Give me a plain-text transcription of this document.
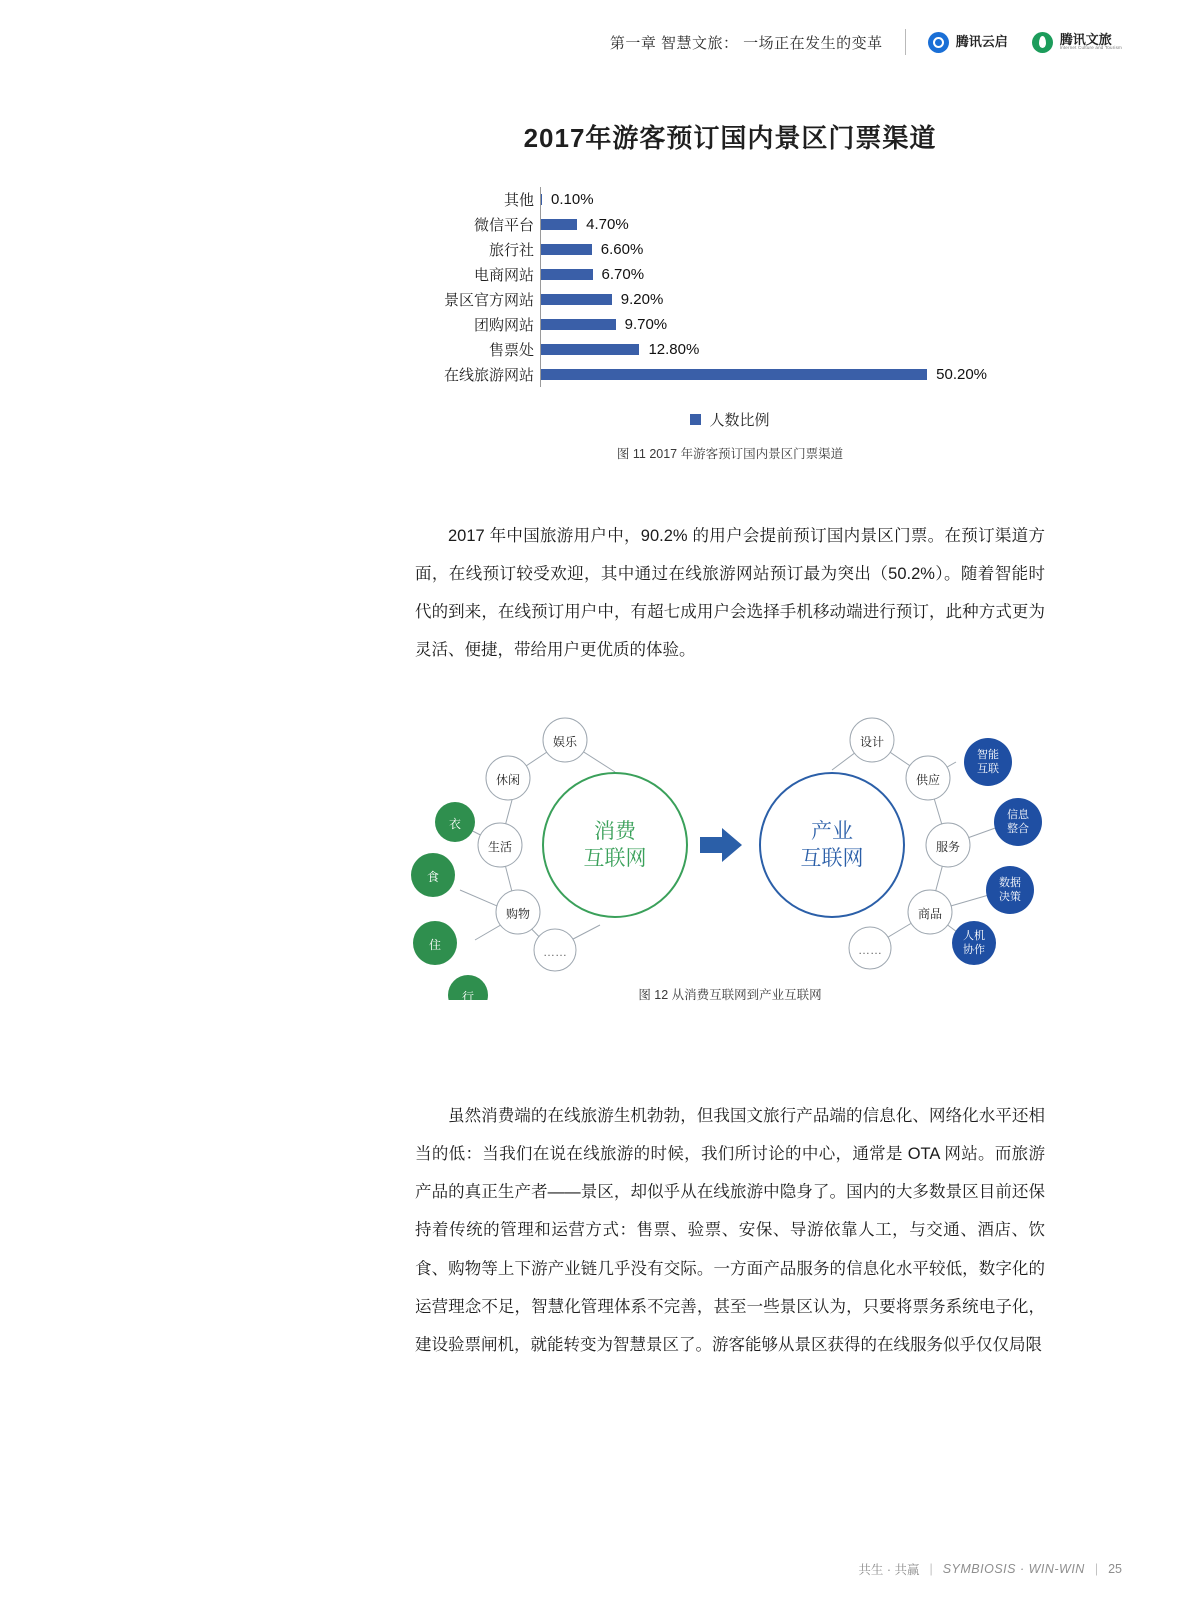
第一章 智慧文旅： 一场正在发生的变革	腾讯云启	腾讯文旅
Internet Culture and Tourism
2017年游客预订国内景区门票渠道
其他	0.10%
微信平台	4.70%
旅行社	6.60%
电商网站	6.70%
景区官方网站	9.20%
团购网站	9.70%
售票处	12.80%
在线旅游网站	50.20%
人数比例
图 11 2017 年游客预订国内景区门票渠道

2017 年中国旅游用户中，90.2% 的用户会提前预订国内景区门票。在预订渠道方面，在线预订较受欢迎，其中通过在线旅游网站预订最为突出（50.2%）。随着智能时代的到来，在线预订用户中，有超七成用户会选择手机移动端进行预订，此种方式更为灵活、便捷，带给用户更优质的体验。

消费
互联网
产业
互联网
衣
食
住
行
娱乐
休闲
生活
购物
……
设计
供应
服务
商品
……
智能
互联
信息
整合
数据
决策
人机
协作
图 12 从消费互联网到产业互联网

虽然消费端的在线旅游生机勃勃，但我国文旅行产品端的信息化、网络化水平还相当的低：当我们在说在线旅游的时候，我们所讨论的中心，通常是 OTA 网站。而旅游产品的真正生产者——景区，却似乎从在线旅游中隐身了。国内的大多数景区目前还保持着传统的管理和运营方式：售票、验票、安保、导游依靠人工，与交通、酒店、饮食、购物等上下游产业链几乎没有交际。一方面产品服务的信息化水平较低，数字化的运营理念不足，智慧化管理体系不完善，甚至一些景区认为，只要将票务系统电子化，建设验票闸机，就能转变为智慧景区了。游客能够从景区获得的在线服务似乎仅仅局限

共生 · 共赢 | SYMBIOSIS · WIN-WIN | 25
